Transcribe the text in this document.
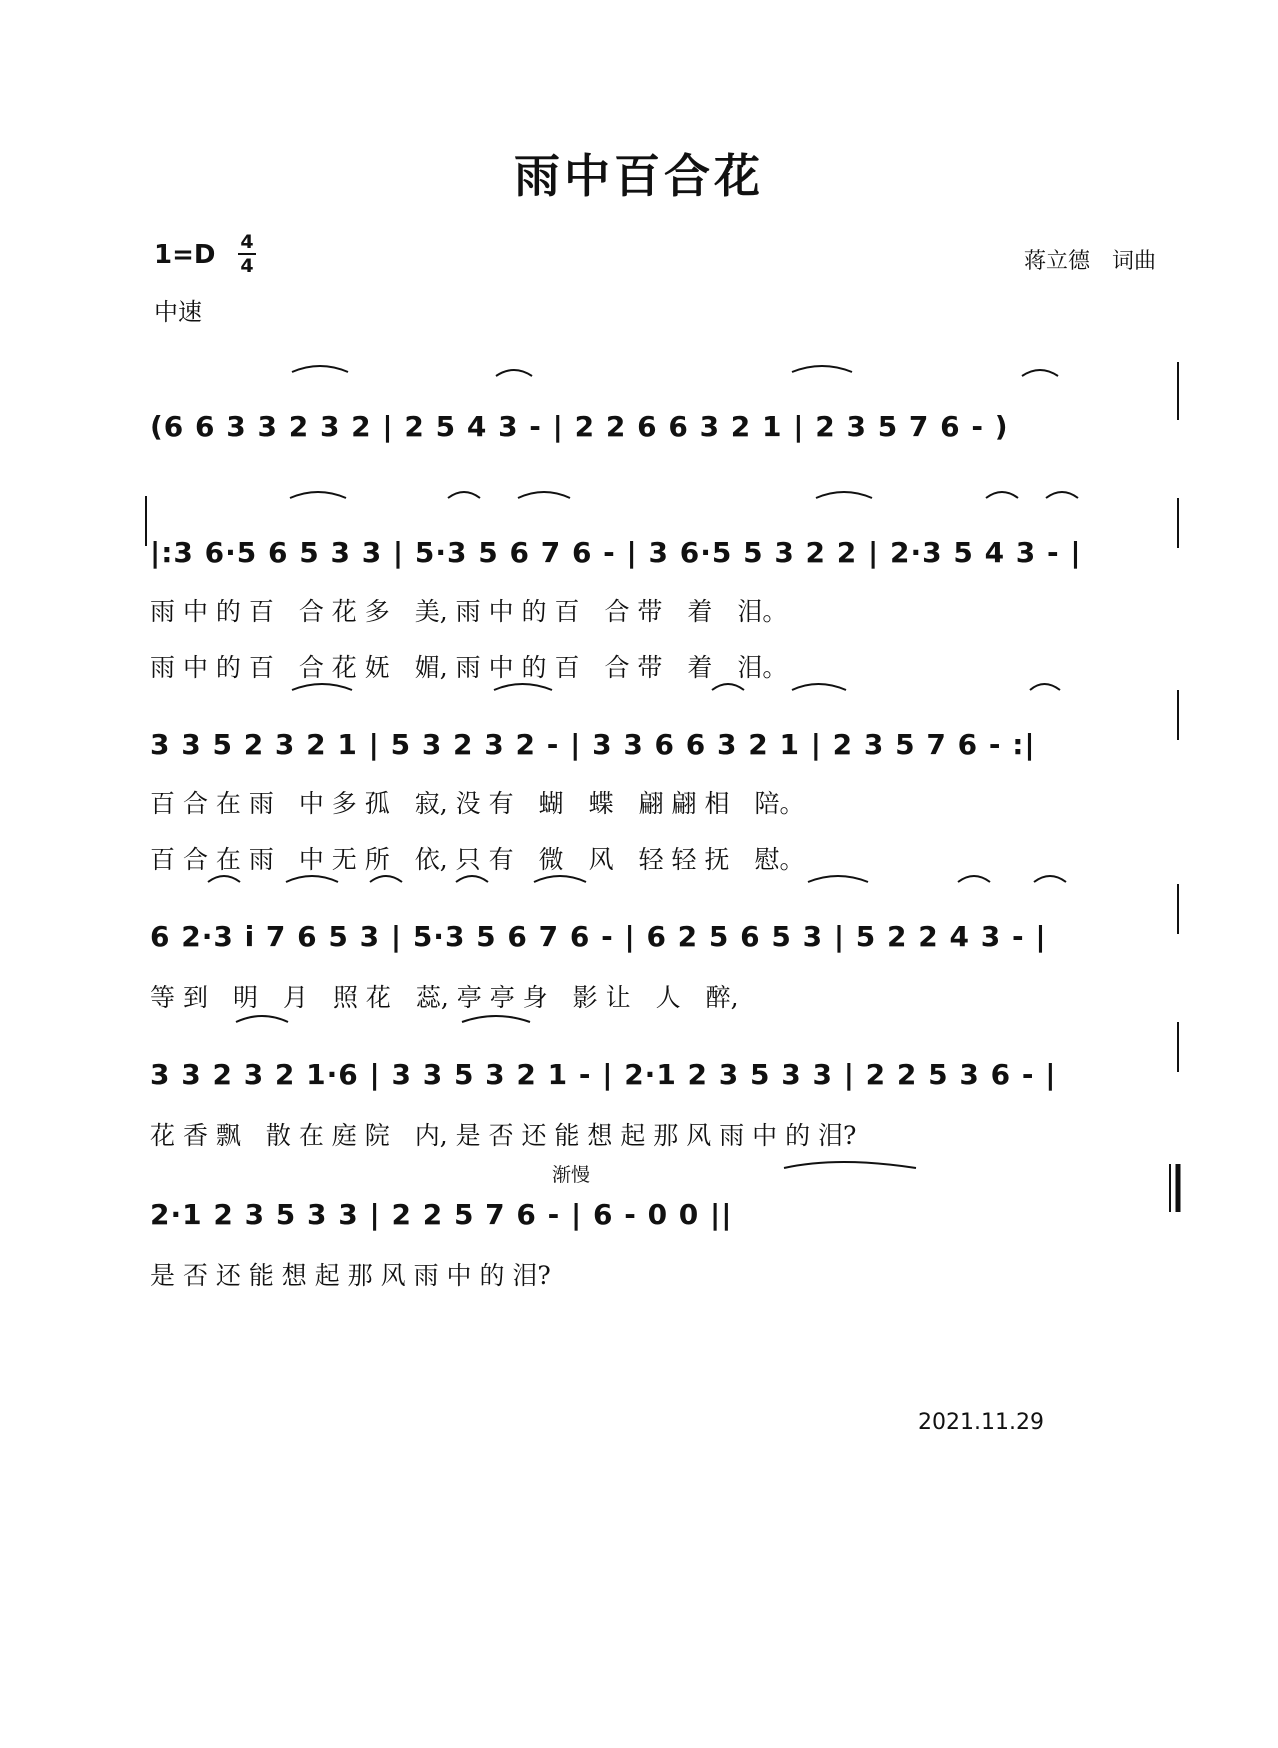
雨中百合花
1=D 4
4
中速
蒋立德　词曲
(6 6 3 3 2 3 2 | 2 5 4 3 - | 2 2 6 6 3 2 1 | 2 3 5 7 6 - )
|:3 6·5 6 5 3 3 | 5·3 5 6 7 6 - | 3 6·5 5 3 2 2 | 2·3 5 4 3 - |
雨 中 的 百　合 花 多　美, 雨 中 的 百　合 带　着　泪。
雨 中 的 百　合 花 妩　媚, 雨 中 的 百　合 带　着　泪。
3 3 5 2 3 2 1 | 5 3 2 3 2 - | 3 3 6 6 3 2 1 | 2 3 5 7 6 - :|
百 合 在 雨　中 多 孤　寂, 没 有　蝴　蝶　翩 翩 相　陪。
百 合 在 雨　中 无 所　依, 只 有　微　风　轻 轻 抚　慰。
6 2·3 i 7 6 5 3 | 5·3 5 6 7 6 - | 6 2 5 6 5 3 | 5 2 2 4 3 - |
等 到　明　月　照 花　蕊, 亭 亭 身　影 让　人　醉,
3 3 2 3 2 1·6 | 3 3 5 3 2 1 - | 2·1 2 3 5 3 3 | 2 2 5 3 6 - |
花 香 飘　散 在 庭 院　内, 是 否 还 能 想 起 那 风 雨 中 的 泪?
渐慢
2·1 2 3 5 3 3 | 2 2 5 7 6 - | 6 - 0 0 ||
是 否 还 能 想 起 那 风 雨 中 的 泪?
2021.11.29
